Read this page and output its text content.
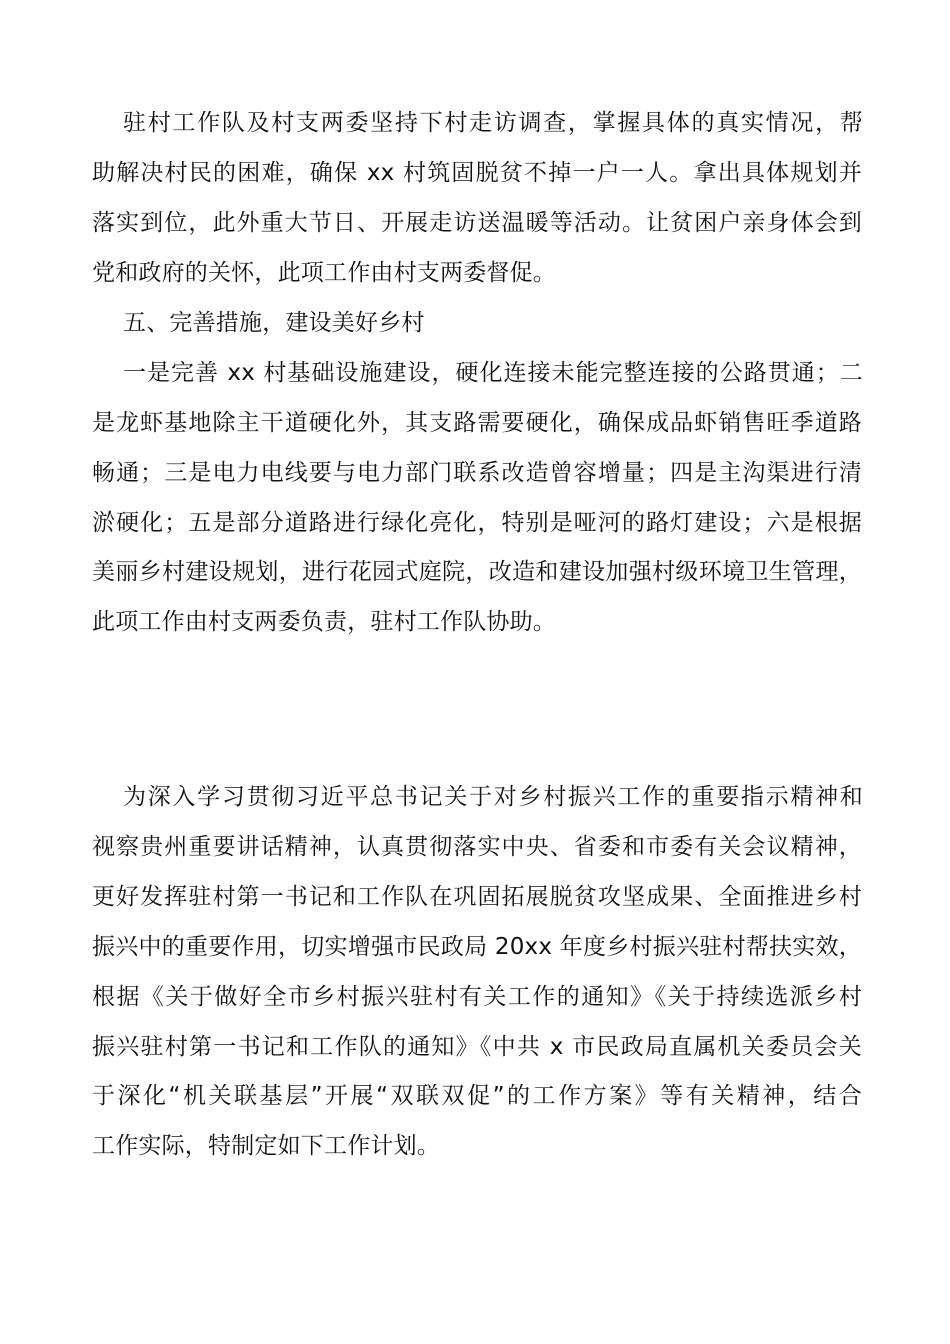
驻村工作队及村支两委坚持下村走访调查，掌握具体的真实情况，帮
助解决村民的困难，确保 xx 村筑固脱贫不掉一户一人。拿出具体规划并
落实到位，此外重大节日、开展走访送温暖等活动。让贫困户亲身体会到
党和政府的关怀，此项工作由村支两委督促。
五、完善措施，建设美好乡村
一是完善 xx 村基础设施建设，硬化连接未能完整连接的公路贯通；二
是龙虾基地除主干道硬化外，其支路需要硬化，确保成品虾销售旺季道路
畅通；三是电力电线要与电力部门联系改造曾容增量；四是主沟渠进行清
淤硬化；五是部分道路进行绿化亮化，特别是哑河的路灯建设；六是根据
美丽乡村建设规划，进行花园式庭院，改造和建设加强村级环境卫生管理，
此项工作由村支两委负责，驻村工作队协助。
为深入学习贯彻习近平总书记关于对乡村振兴工作的重要指示精神和
视察贵州重要讲话精神，认真贯彻落实中央、省委和市委有关会议精神，
更好发挥驻村第一书记和工作队在巩固拓展脱贫攻坚成果、全面推进乡村
振兴中的重要作用，切实增强市民政局 20xx 年度乡村振兴驻村帮扶实效，
根据《关于做好全市乡村振兴驻村有关工作的通知》《关于持续选派乡村
振兴驻村第一书记和工作队的通知》《中共 x 市民政局直属机关委员会关
于深化“机关联基层”开展“双联双促”的工作方案》等有关精神，结合
工作实际，特制定如下工作计划。
